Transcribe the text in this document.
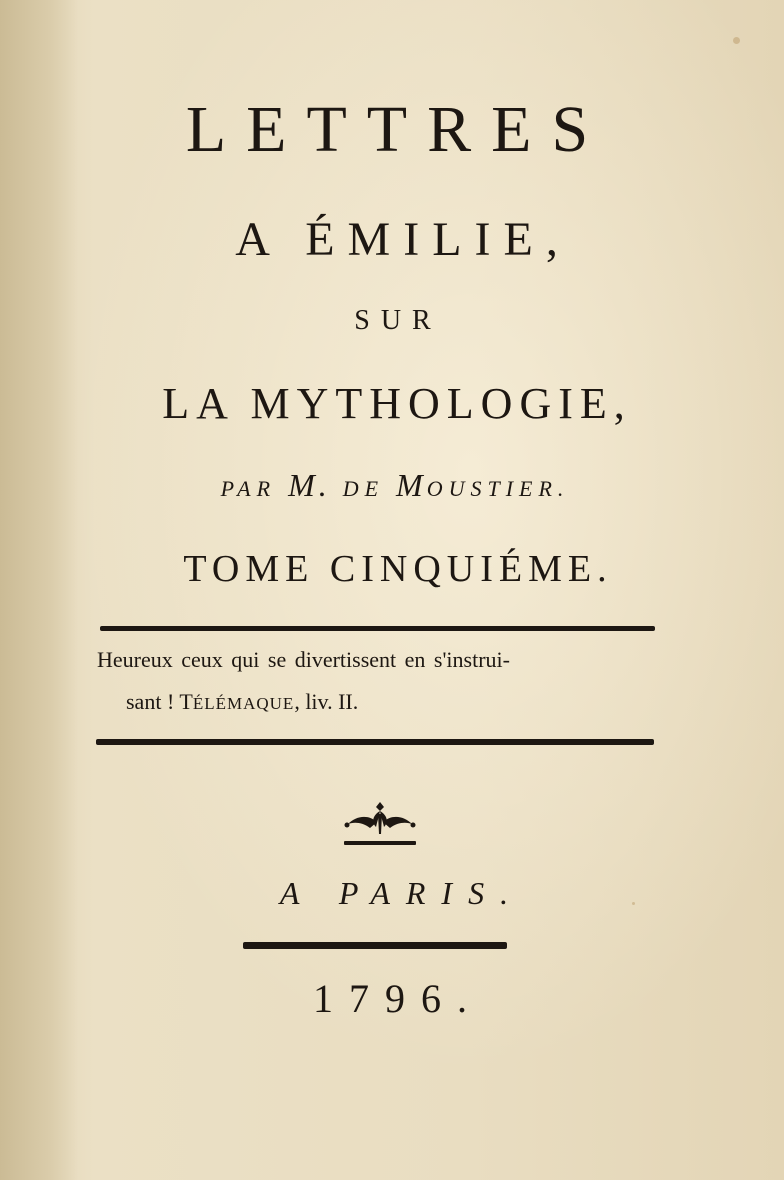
LETTRES
A ÉMILIE,
SUR
LA MYTHOLOGIE,
PAR M. DE MOUSTIER.
TOME CINQUIÉME.
Heureux ceux qui se divertissent en s'instrui-
sant ! TÉLÉMAQUE, liv. II.
A PARIS.
1796.
